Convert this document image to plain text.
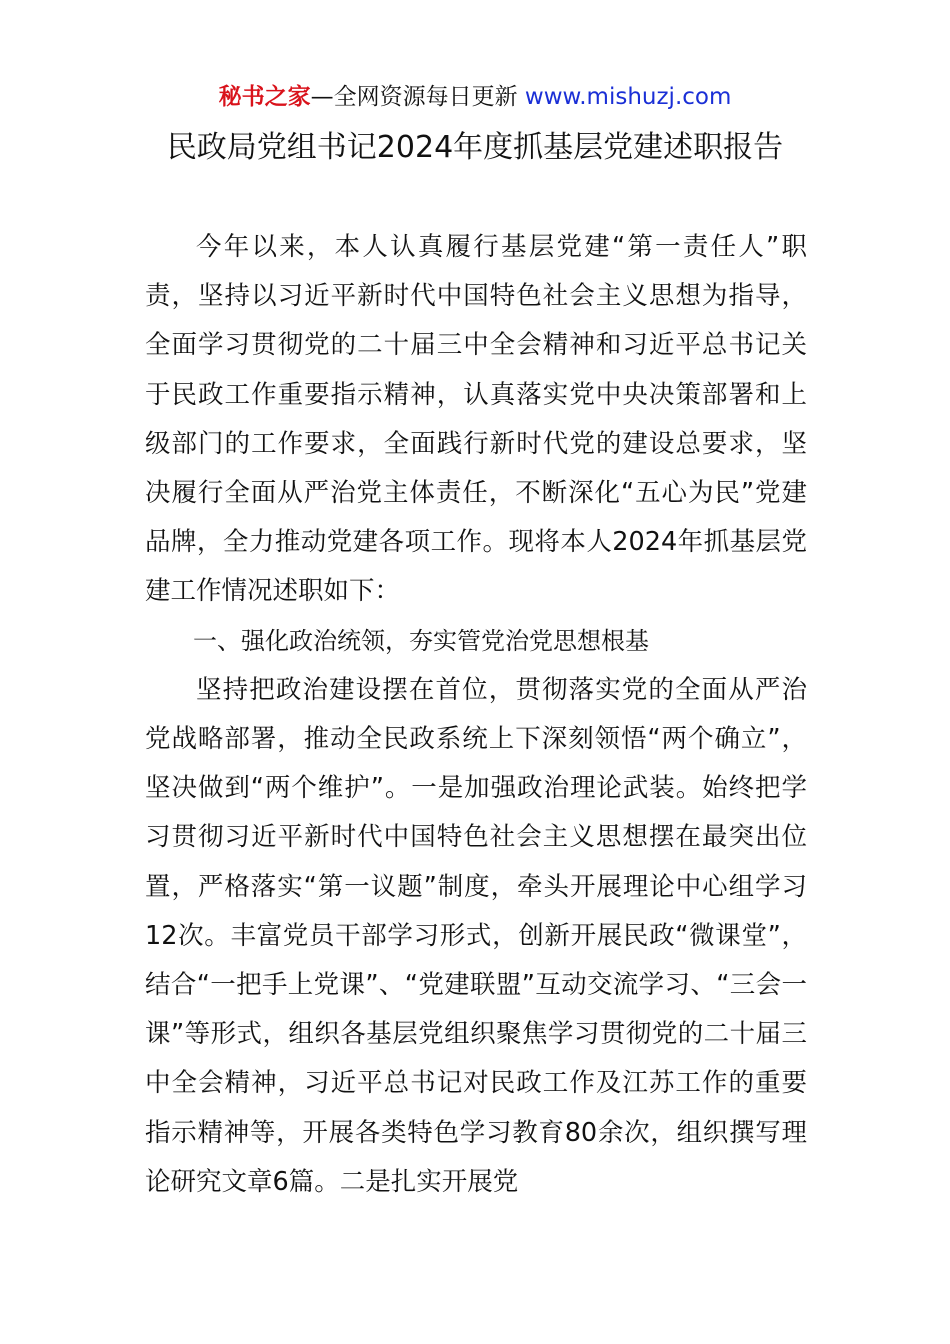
秘书之家—全网资源每日更新 www.mishuzj.com
民政局党组书记2024年度抓基层党建述职报告

今年以来，本人认真履行基层党建“第一责任人”职责，坚持以习近平新时代中国特色社会主义思想为指导，全面学习贯彻党的二十届三中全会精神和习近平总书记关于民政工作重要指示精神，认真落实党中央决策部署和上级部门的工作要求，全面践行新时代党的建设总要求，坚决履行全面从严治党主体责任，不断深化“五心为民”党建品牌，全力推动党建各项工作。现将本人2024年抓基层党建工作情况述职如下：

一、强化政治统领，夯实管党治党思想根基

坚持把政治建设摆在首位，贯彻落实党的全面从严治党战略部署，推动全民政系统上下深刻领悟“两个确立”，坚决做到“两个维护”。一是加强政治理论武装。始终把学习贯彻习近平新时代中国特色社会主义思想摆在最突出位置，严格落实“第一议题”制度，牵头开展理论中心组学习12次。丰富党员干部学习形式，创新开展民政“微课堂”，结合“一把手上党课”、“党建联盟”互动交流学习、“三会一课”等形式，组织各基层党组织聚焦学习贯彻党的二十届三中全会精神，习近平总书记对民政工作及江苏工作的重要指示精神等，开展各类特色学习教育80余次，组织撰写理论研究文章6篇。二是扎实开展党
